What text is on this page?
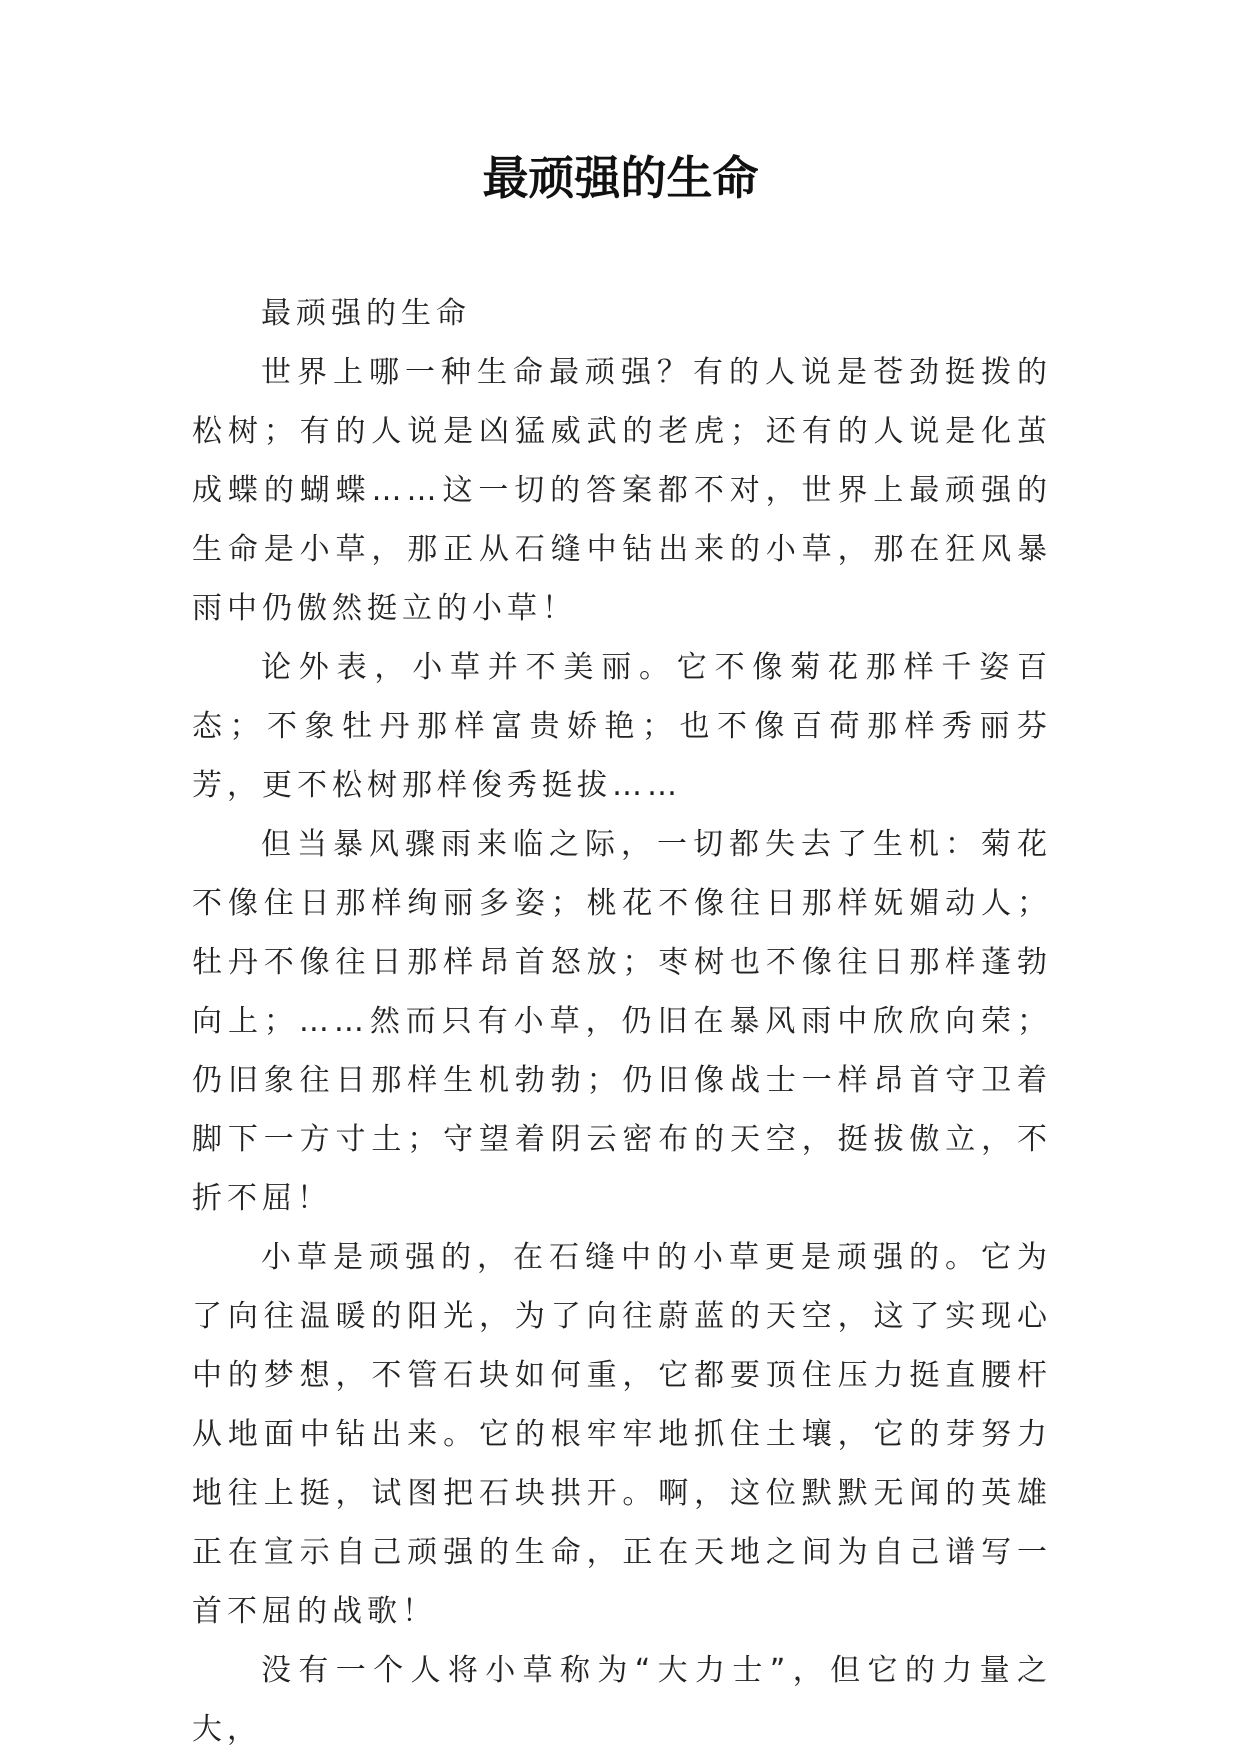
最顽强的生命

最顽强的生命

世界上哪一种生命最顽强？有的人说是苍劲挺拨的松树；有的人说是凶猛威武的老虎；还有的人说是化茧成蝶的蝴蝶……这一切的答案都不对，世界上最顽强的生命是小草，那正从石缝中钻出来的小草，那在狂风暴雨中仍傲然挺立的小草！

论外表，小草并不美丽。它不像菊花那样千姿百态；不象牡丹那样富贵娇艳；也不像百荷那样秀丽芬芳，更不松树那样俊秀挺拔……

但当暴风骤雨来临之际，一切都失去了生机：菊花不像住日那样绚丽多姿；桃花不像往日那样妩媚动人；牡丹不像往日那样昂首怒放；枣树也不像往日那样蓬勃向上；……然而只有小草，仍旧在暴风雨中欣欣向荣；仍旧象往日那样生机勃勃；仍旧像战士一样昂首守卫着脚下一方寸土；守望着阴云密布的天空，挺拔傲立，不折不屈！

小草是顽强的，在石缝中的小草更是顽强的。它为了向往温暖的阳光，为了向往蔚蓝的天空，这了实现心中的梦想，不管石块如何重，它都要顶住压力挺直腰杆从地面中钻出来。它的根牢牢地抓住土壤，它的芽努力地往上挺，试图把石块拱开。啊，这位默默无闻的英雄正在宣示自己顽强的生命，正在天地之间为自己谱写一首不屈的战歌！

没有一个人将小草称为“大力士”，但它的力量之大，
